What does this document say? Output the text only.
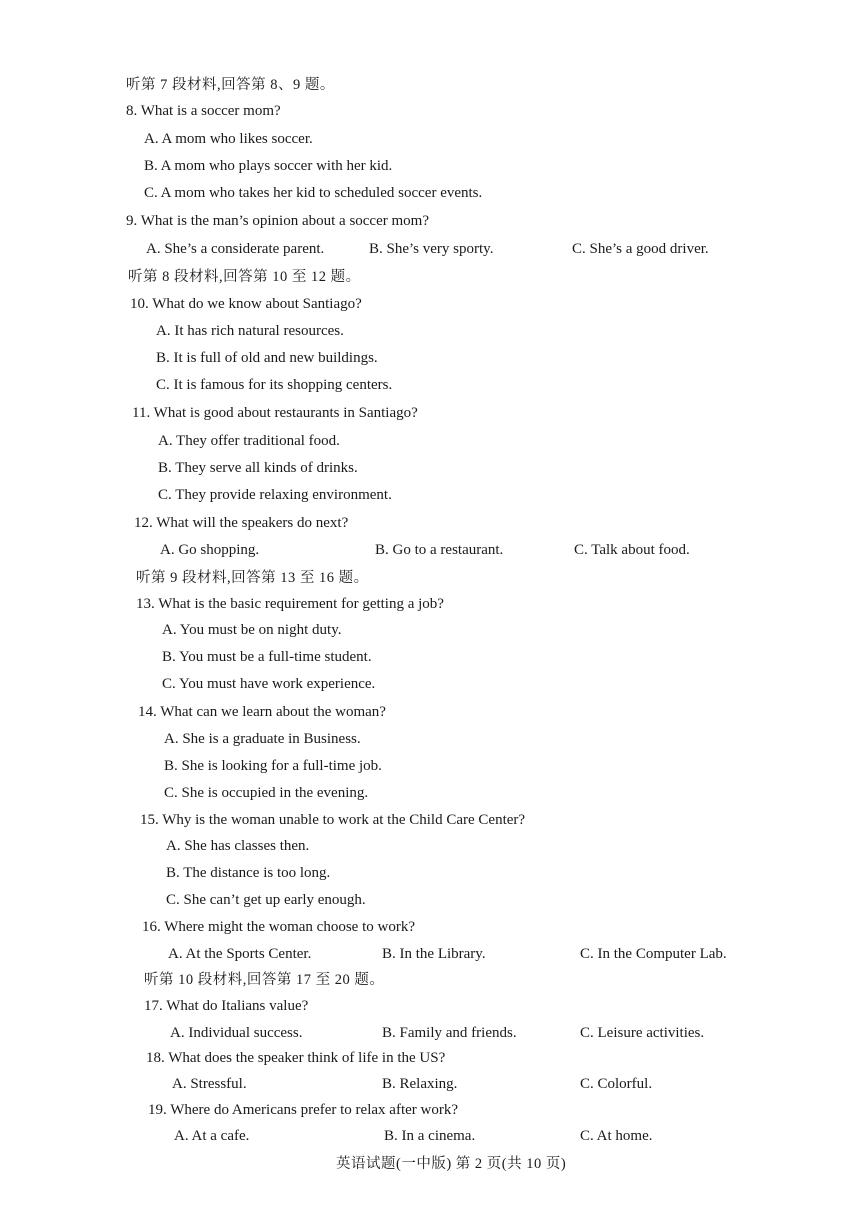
听第 7 段材料,回答第 8、9 题。
8. What is a soccer mom?
A. A mom who likes soccer.
B. A mom who plays soccer with her kid.
C. A mom who takes her kid to scheduled soccer events.
9. What is the man’s opinion about a soccer mom?
A. She’s a considerate parent.	B. She’s very sporty.	C. She’s a good driver.
听第 8 段材料,回答第 10 至 12 题。
10. What do we know about Santiago?
A. It has rich natural resources.
B. It is full of old and new buildings.
C. It is famous for its shopping centers.
11. What is good about restaurants in Santiago?
A. They offer traditional food.
B. They serve all kinds of drinks.
C. They provide relaxing environment.
12. What will the speakers do next?
A. Go shopping.	B. Go to a restaurant.	C. Talk about food.
听第 9 段材料,回答第 13 至 16 题。
13. What is the basic requirement for getting a job?
A. You must be on night duty.
B. You must be a full-time student.
C. You must have work experience.
14. What can we learn about the woman?
A. She is a graduate in Business.
B. She is looking for a full-time job.
C. She is occupied in the evening.
15. Why is the woman unable to work at the Child Care Center?
A. She has classes then.
B. The distance is too long.
C. She can’t get up early enough.
16. Where might the woman choose to work?
A. At the Sports Center.	B. In the Library.	C. In the Computer Lab.
听第 10 段材料,回答第 17 至 20 题。
17. What do Italians value?
A. Individual success.	B. Family and friends.	C. Leisure activities.
18. What does the speaker think of life in the US?
A. Stressful.	B. Relaxing.	C. Colorful.
19. Where do Americans prefer to relax after work?
A. At a cafe.	B. In a cinema.	C. At home.
英语试题(一中版) 第 2 页(共 10 页)
